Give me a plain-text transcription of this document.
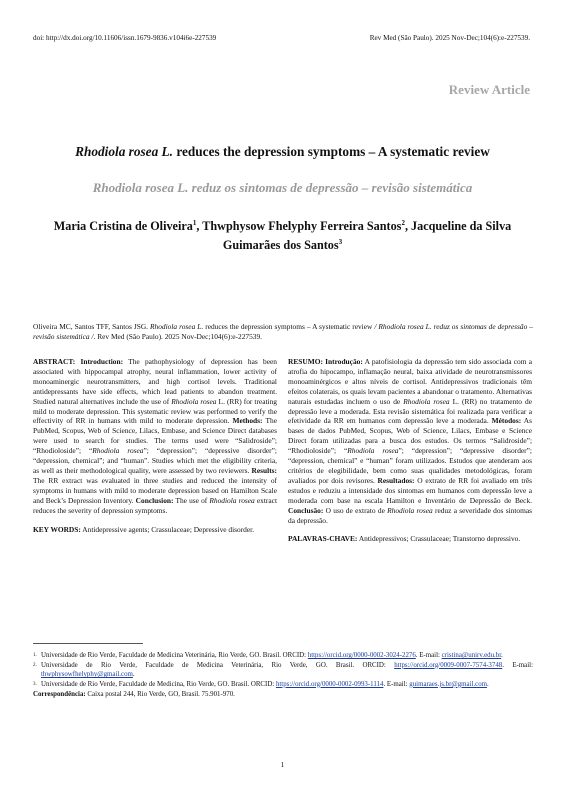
doi: http://dx.doi.org/10.11606/issn.1679-9836.v104i6e-227539	Rev Med (São Paulo). 2025 Nov-Dec;104(6):e-227539.
Review Article
Rhodiola rosea L. reduces the depression symptoms – A systematic review
Rhodiola rosea L. reduz os sintomas de depressão – revisão sistemática
Maria Cristina de Oliveira$^1$, Thwphysow Fhelyphy Ferreira Santos$^2$, Jacqueline da Silva Guimarães dos Santos$^3$
Oliveira MC, Santos TFF, Santos JSG. Rhodiola rosea L. reduces the depression symptoms – A systematic review / Rhodiola rosea L. reduz os sintomas de depressão – revisão sistemática /. Rev Med (São Paulo). 2025 Nov-Dec;104(6):e-227539.
ABSTRACT: Introduction: The pathophysiology of depression has been associated with hippocampal atrophy, neural inflammation, lower activity of monoaminergic neurotransmitters, and high cortisol levels. Traditional antidepressants have side effects, which lead patients to abandon treatment. Studied natural alternatives include the use of Rhodiola rosea L. (RR) for treating mild to moderate depression. This systematic review was performed to verify the effectivity of RR in humans with mild to moderate depression. Methods: The PubMed, Scopus, Web of Science, Lilacs, Embase, and Science Direct databases were used to search for studies. The terms used were “Salidroside”; “Rhodioloside”; “Rhodiola rosea”; “depression”; “depressive disorder”; “depression, chemical”; and “human”. Studies which met the eligibility criteria, as well as their methodological quality, were assessed by two reviewers. Results: The RR extract was evaluated in three studies and reduced the intensity of symptoms in humans with mild to moderate depression based on Hamilton Scale and Beck’s Depression Inventory. Conclusion: The use of Rhodiola rosea extract reduces the severity of depression symptoms.
KEY WORDS: Antidepressive agents; Crassulaceae; Depressive disorder.
RESUMO: Introdução: A patofisiologia da depressão tem sido associada com a atrofia do hipocampo, inflamação neural, baixa atividade de neurotransmissores monoaminérgicos e altos níveis de cortisol. Antidepressivos tradicionais têm efeitos colaterais, os quais levam pacientes a abandonar o tratamento. Alternativas naturais estudadas incluem o uso de Rhodiola rosea L. (RR) no tratamento de depressão leve a moderada. Esta revisão sistemática foi realizada para verificar a efetividade da RR em humanos com depressão leve a moderada. Métodos: As bases de dados PubMed, Scopus, Web of Science, Lilacs, Embase e Science Direct foram utilizadas para a busca dos estudos. Os termos “Salidroside”; “Rhodioloside”; “Rhodiola rosea”; “depression”; “depressive disorder”; “depression, chemical” e “human” foram utilizados. Estudos que atenderam aos critérios de elegibilidade, bem como suas qualidades metodológicas, foram avaliados por dois revisores. Resultados: O extrato de RR foi avaliado em três estudos e reduziu a intensidade dos sintomas em humanos com depressão leve a moderada com base na escala Hamilton e Inventário de Depressão de Beck. Conclusão: O uso de extrato de Rhodiola rosea reduz a severidade dos sintomas da depressão.
PALAVRAS-CHAVE: Antidepressivos; Crassulaceae; Transtorno depressivo.
1. Universidade de Rio Verde, Faculdade de Medicina Veterinária, Rio Verde, GO. Brasil. ORCID: https://orcid.org/0000-0002-3024-2276. E-mail: cristina@unirv.edu.br.
2. Universidade de Rio Verde, Faculdade de Medicina Veterinária, Rio Verde, GO. Brasil. ORCID: https://orcid.org/0009-0007-7574-3748. E-mail: thwphysowfhelyphy@gmail.com.
3. Universidade de Rio Verde, Faculdade de Medicina, Rio Verde, GO. Brasil. ORCID: https://orcid.org/0000-0002-0993-1114. E-mail: guimaraes.js.br@gmail.com.
Correspondência: Caixa postal 244, Rio Verde, GO, Brasil. 75.901-970.
1
